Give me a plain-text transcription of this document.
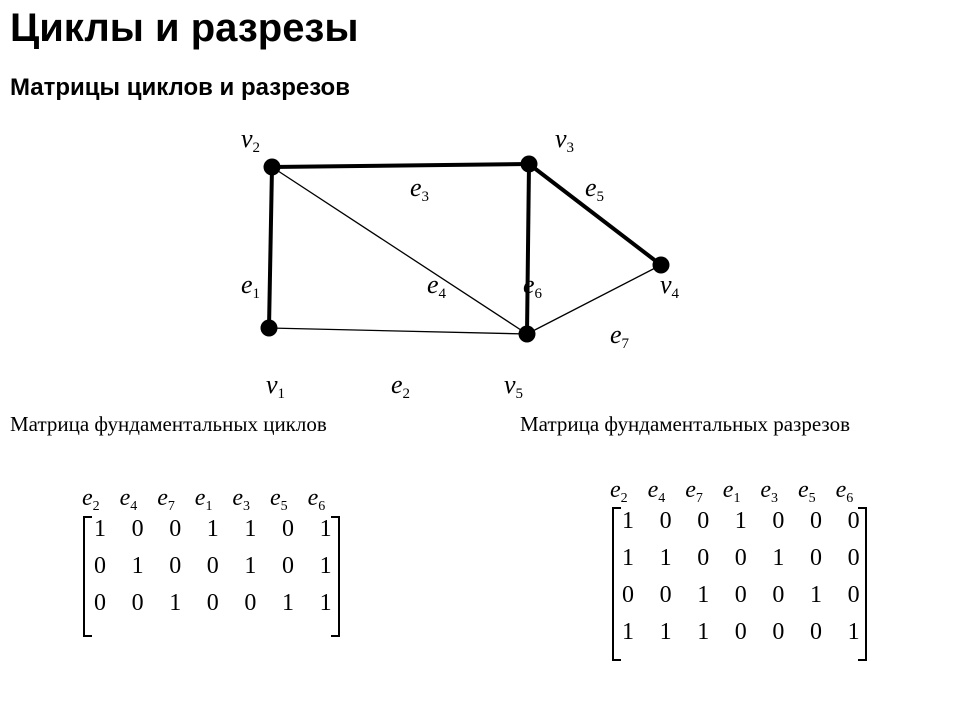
Циклы и разрезы
Матрицы циклов и разрезов
$e_1$
$e_2$
$e_3$
$e_4$
$e_5$
$e_6$
$e_7$
$v_1$
$v_2$	$v_3$
$v_4$
$v_5$
Матрица фундаментальных циклов	Матрица фундаментальных разрезов
$e_2$ $e_4$ $e_7$ $e_1$ $e_3$ $e_5$ $e_6$
1 0 0 1 1 0 1
0 1 0 0 1 0 1
0 0 1 0 0 1 1
$e_2$ $e_4$ $e_7$ $e_1$ $e_3$ $e_5$ $e_6$
1 0 0 1 0 0 0
1 1 0 0 1 0 0
0 0 1 0 0 1 0
1 1 1 0 0 0 1
